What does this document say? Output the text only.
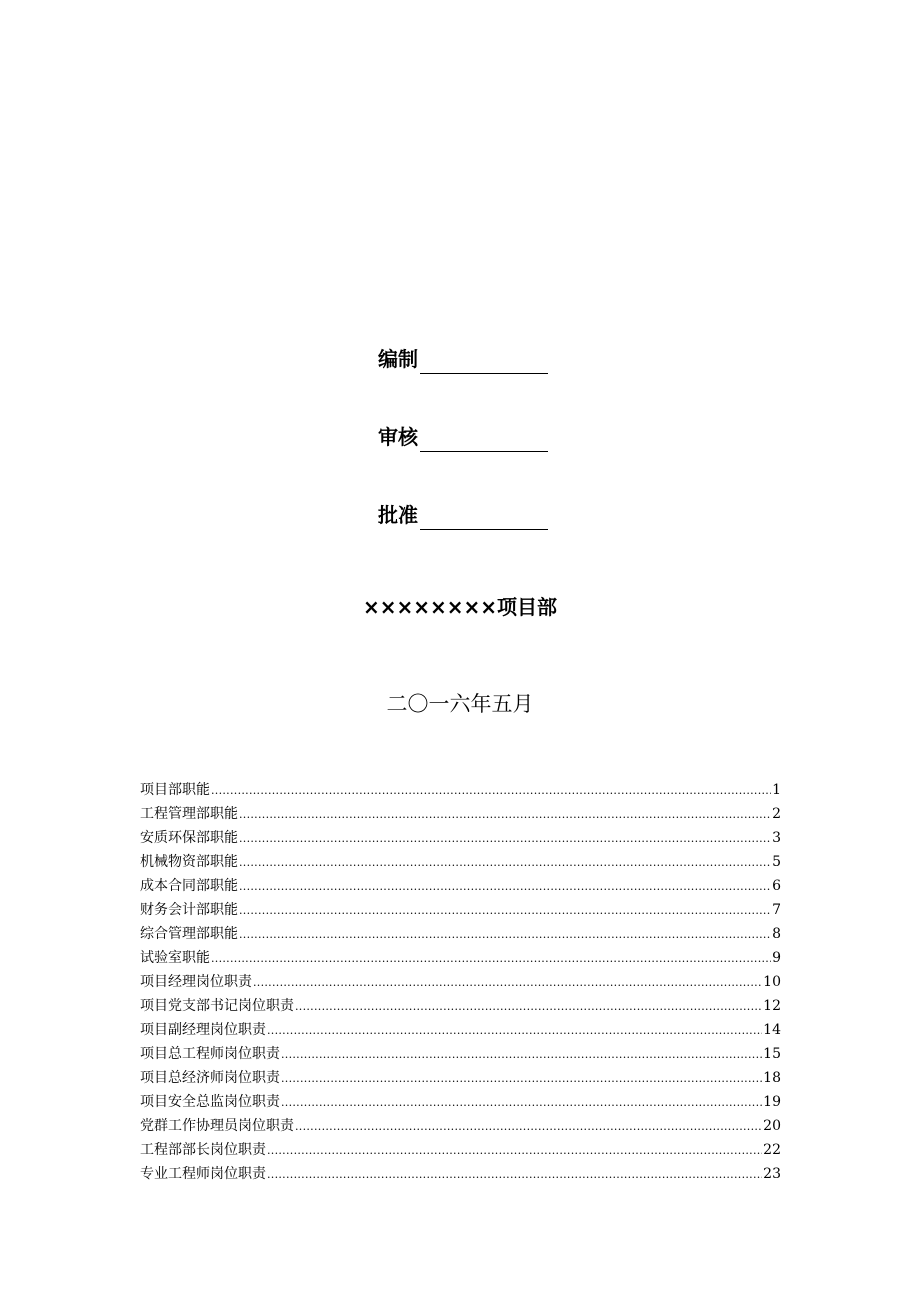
编制
审核
批准
××××××××项目部
二〇一六年五月
项目部职能 .....	1
工程管理部职能 .....	2
安质环保部职能 .....	3
机械物资部职能 .....	5
成本合同部职能 .....	6
财务会计部职能 .....	7
综合管理部职能 .....	8
试验室职能 .....	9
项目经理岗位职责 .....	10
项目党支部书记岗位职责 .....	12
项目副经理岗位职责 .....	14
项目总工程师岗位职责 .....	15
项目总经济师岗位职责 .....	18
项目安全总监岗位职责 .....	19
党群工作协理员岗位职责 .....	20
工程部部长岗位职责 .....	22
专业工程师岗位职责 .....	23
